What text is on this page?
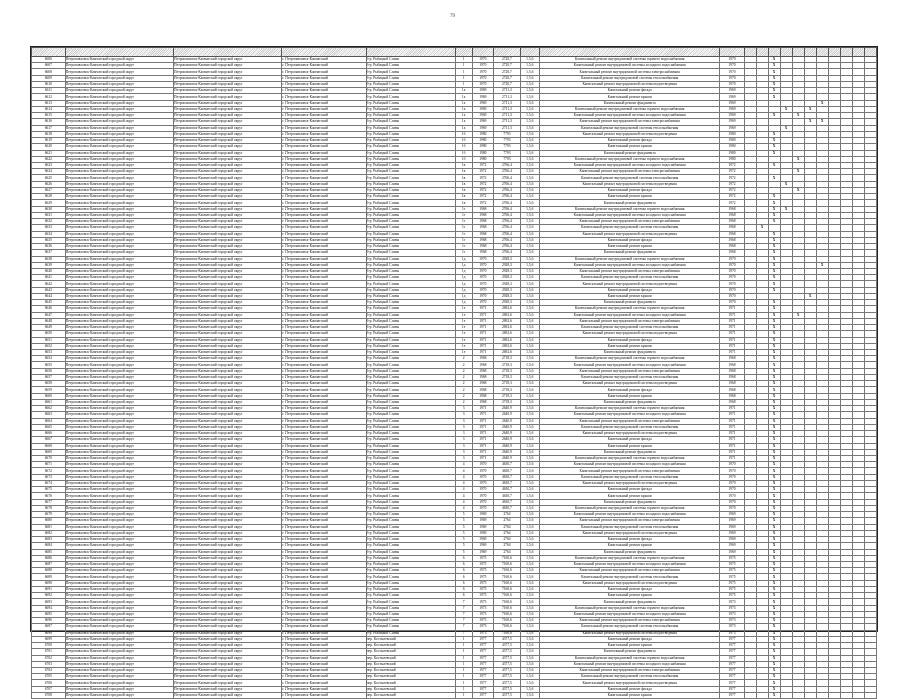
79

6606	Петропавловск-Камчатский городской округ	Петропавловск-Камчатский городской округ	г. Петропавловск-Камчатский	б-р. Рыбацкой Славы	1	1970	2720,7	1,5,6	Капитальный ремонт внутридомовой системы горячего водоснабжения	1970			X								
6607	Петропавловск-Камчатский городской округ	Петропавловск-Камчатский городской округ	г. Петропавловск-Камчатский	б-р. Рыбацкой Славы	1	1970	2720,7	1,5,6	Капитальный ремонт внутридомовой системы холодного водоснабжения	1970			X								
6608	Петропавловск-Камчатский городской округ	Петропавловск-Камчатский городской округ	г. Петропавловск-Камчатский	б-р. Рыбацкой Славы	1	1970	2720,7	1,5,6	Капитальный ремонт внутридомовой системы электроснабжения	1970			X								
6609	Петропавловск-Камчатский городской округ	Петропавловск-Камчатский городской округ	г. Петропавловск-Камчатский	б-р. Рыбацкой Славы	1	1970	2720,7	1,5,6	Капитальный ремонт внутридомовой системы теплоснабжения	1970			X								
6610	Петропавловск-Камчатский городской округ	Петропавловск-Камчатский городской округ	г. Петропавловск-Камчатский	б-р. Рыбацкой Славы	1	1970	2720,7	1,5,6	Капитальный ремонт внутридомовой системы водоотведения	1970			X								
6611	Петропавловск-Камчатский городской округ	Петропавловск-Камчатский городской округ	г. Петропавловск-Камчатский	б-р. Рыбацкой Славы	1а	1969	2711,3	1,5,6	Капитальный ремонт фасада	1969			X								
6612	Петропавловск-Камчатский городской округ	Петропавловск-Камчатский городской округ	г. Петропавловск-Камчатский	б-р. Рыбацкой Славы	1а	1969	2711,3	1,5,6	Капитальный ремонт крыши	1969			X								
6613	Петропавловск-Камчатский городской округ	Петропавловск-Камчатский городской округ	г. Петропавловск-Камчатский	б-р. Рыбацкой Славы	1а	1969	2711,3	1,5,6	Капитальный ремонт фундамента	1969							X				
6614	Петропавловск-Камчатский городской округ	Петропавловск-Камчатский городской округ	г. Петропавловск-Камчатский	б-р. Рыбацкой Славы	1а	1969	2711,3	1,5,6	Капитальный ремонт внутридомовой системы горячего водоснабжения	1969				X		X					
6615	Петропавловск-Камчатский городской округ	Петропавловск-Камчатский городской округ	г. Петропавловск-Камчатский	б-р. Рыбацкой Славы	1а	1969	2711,3	1,5,6	Капитальный ремонт внутридомовой системы холодного водоснабжения	1969			X		X						
6616	Петропавловск-Камчатский городской округ	Петропавловск-Камчатский городской округ	г. Петропавловск-Камчатский	б-р. Рыбацкой Славы	1а	1969	2711,3	1,5,6	Капитальный ремонт внутридомовой системы электроснабжения	1969						X	X				
6617	Петропавловск-Камчатский городской округ	Петропавловск-Камчатский городской округ	г. Петропавловск-Камчатский	б-р. Рыбацкой Славы	1а	1969	2711,3	1,5,6	Капитальный ремонт внутридомовой системы теплоснабжения	1969				X							
6618	Петропавловск-Камчатский городской округ	Петропавловск-Камчатский городской округ	г. Петропавловск-Камчатский	б-р. Рыбацкой Славы	1б	1980	7793	1,5,6	Капитальный ремонт внутридомовой системы водоотведения	1980			X								
6619	Петропавловск-Камчатский городской округ	Петропавловск-Камчатский городской округ	г. Петропавловск-Камчатский	б-р. Рыбацкой Славы	1б	1980	7793	1,5,6	Капитальный ремонт фасада	1980			X								
6620	Петропавловск-Камчатский городской округ	Петропавловск-Камчатский городской округ	г. Петропавловск-Камчатский	б-р. Рыбацкой Славы	1б	1980	7793	1,5,6	Капитальный ремонт крыши	1980			X								
6621	Петропавловск-Камчатский городской округ	Петропавловск-Камчатский городской округ	г. Петропавловск-Камчатский	б-р. Рыбацкой Славы	1б	1980	7793	1,5,6	Капитальный ремонт фундамента	1980			X								
6622	Петропавловск-Камчатский городской округ	Петропавловск-Камчатский городской округ	г. Петропавловск-Камчатский	б-р. Рыбацкой Славы	1б	1980	7793	1,5,6	Капитальный ремонт внутридомовой системы горячего водоснабжения	1980					X						
6623	Петропавловск-Камчатский городской округ	Петропавловск-Камчатский городской округ	г. Петропавловск-Камчатский	б-р. Рыбацкой Славы	1в	1972	2766,4	1,5,6	Капитальный ремонт внутридомовой системы холодного водоснабжения	1972			X								
6624	Петропавловск-Камчатский городской округ	Петропавловск-Камчатский городской округ	г. Петропавловск-Камчатский	б-р. Рыбацкой Славы	1в	1972	2766,4	1,5,6	Капитальный ремонт внутридомовой системы электроснабжения	1972					X						
6625	Петропавловск-Камчатский городской округ	Петропавловск-Камчатский городской округ	г. Петропавловск-Камчатский	б-р. Рыбацкой Славы	1в	1972	2766,4	1,5,6	Капитальный ремонт внутридомовой системы теплоснабжения	1972			X								
6626	Петропавловск-Камчатский городской округ	Петропавловск-Камчатский городской округ	г. Петропавловск-Камчатский	б-р. Рыбацкой Славы	1в	1972	2766,4	1,5,6	Капитальный ремонт внутридомовой системы водоотведения	1972				X							
6627	Петропавловск-Камчатский городской округ	Петропавловск-Камчатский городской округ	г. Петропавловск-Камчатский	б-р. Рыбацкой Славы	1в	1972	2766,4	1,5,6	Капитальный ремонт фасада	1972					X						
6628	Петропавловск-Камчатский городской округ	Петропавловск-Камчатский городской округ	г. Петропавловск-Камчатский	б-р. Рыбацкой Славы	1в	1972	2766,4	1,5,6	Капитальный ремонт крыши	1972			X								
6629	Петропавловск-Камчатский городской округ	Петропавловск-Камчатский городской округ	г. Петропавловск-Камчатский	б-р. Рыбацкой Славы	1в	1972	2766,4	1,5,6	Капитальный ремонт фундамента	1972			X								
6630	Петропавловск-Камчатский городской округ	Петропавловск-Камчатский городской округ	г. Петропавловск-Камчатский	б-р. Рыбацкой Славы	1г	1968	2766,4	1,5,6	Капитальный ремонт внутридомовой системы горячего водоснабжения	1968			X	X							
6631	Петропавловск-Камчатский городской округ	Петропавловск-Камчатский городской округ	г. Петропавловск-Камчатский	б-р. Рыбацкой Славы	1г	1968	2766,4	1,5,6	Капитальный ремонт внутридомовой системы холодного водоснабжения	1968			X								
6632	Петропавловск-Камчатский городской округ	Петропавловск-Камчатский городской округ	г. Петропавловск-Камчатский	б-р. Рыбацкой Славы	1г	1968	2766,4	1,5,6	Капитальный ремонт внутридомовой системы электроснабжения	1968			X								
6633	Петропавловск-Камчатский городской округ	Петропавловск-Камчатский городской округ	г. Петропавловск-Камчатский	б-р. Рыбацкой Славы	1г	1968	2766,4	1,5,6	Капитальный ремонт внутридомовой системы теплоснабжения	1968		X									
6634	Петропавловск-Камчатский городской округ	Петропавловск-Камчатский городской округ	г. Петропавловск-Камчатский	б-р. Рыбацкой Славы	1г	1968	2766,4	1,5,6	Капитальный ремонт внутридомовой системы водоотведения	1968			X								
6635	Петропавловск-Камчатский городской округ	Петропавловск-Камчатский городской округ	г. Петропавловск-Камчатский	б-р. Рыбацкой Славы	1г	1968	2766,4	1,5,6	Капитальный ремонт фасада	1968			X								
6636	Петропавловск-Камчатский городской округ	Петропавловск-Камчатский городской округ	г. Петропавловск-Камчатский	б-р. Рыбацкой Славы	1г	1968	2766,4	1,5,6	Капитальный ремонт крыши	1968			X								
6637	Петропавловск-Камчатский городской округ	Петропавловск-Камчатский городской округ	г. Петропавловск-Камчатский	б-р. Рыбацкой Славы	1г	1968	2766,4	1,5,6	Капитальный ремонт фундамента	1968			X								
6638	Петропавловск-Камчатский городской округ	Петропавловск-Камчатский городской округ	г. Петропавловск-Камчатский	б-р. Рыбацкой Славы	1д	1970	2928,3	1,5,6	Капитальный ремонт внутридомовой системы горячего водоснабжения	1970			X								
6639	Петропавловск-Камчатский городской округ	Петропавловск-Камчатский городской округ	г. Петропавловск-Камчатский	б-р. Рыбацкой Славы	1д	1970	2928,3	1,5,6	Капитальный ремонт внутридомовой системы холодного водоснабжения	1970			X				X				
6640	Петропавловск-Камчатский городской округ	Петропавловск-Камчатский городской округ	г. Петропавловск-Камчатский	б-р. Рыбацкой Славы	1д	1970	2928,3	1,5,6	Капитальный ремонт внутридомовой системы электроснабжения	1970			X								
6641	Петропавловск-Камчатский городской округ	Петропавловск-Камчатский городской округ	г. Петропавловск-Камчатский	б-р. Рыбацкой Славы	1д	1970	2928,3	1,5,6	Капитальный ремонт внутридомовой системы теплоснабжения	1970			X								
6642	Петропавловск-Камчатский городской округ	Петропавловск-Камчатский городской округ	г. Петропавловск-Камчатский	б-р. Рыбацкой Славы	1д	1970	2928,3	1,5,6	Капитальный ремонт внутридомовой системы водоотведения	1970			X								
6643	Петропавловск-Камчатский городской округ	Петропавловск-Камчатский городской округ	г. Петропавловск-Камчатский	б-р. Рыбацкой Славы	1д	1970	2928,3	1,5,6	Капитальный ремонт фасада	1970			X								
6644	Петропавловск-Камчатский городской округ	Петропавловск-Камчатский городской округ	г. Петропавловск-Камчатский	б-р. Рыбацкой Славы	1д	1970	2928,3	1,5,6	Капитальный ремонт крыши	1970						X					
6645	Петропавловск-Камчатский городской округ	Петропавловск-Камчатский городской округ	г. Петропавловск-Камчатский	б-р. Рыбацкой Славы	1д	1970	2928,3	1,5,6	Капитальный ремонт фундамента	1970			X								
6646	Петропавловск-Камчатский городской округ	Петропавловск-Камчатский городской округ	г. Петропавловск-Камчатский	б-р. Рыбацкой Славы	1е	1971	2692,6	1,5,6	Капитальный ремонт внутридомовой системы горячего водоснабжения	1971			X								
6647	Петропавловск-Камчатский городской округ	Петропавловск-Камчатский городской округ	г. Петропавловск-Камчатский	б-р. Рыбацкой Славы	1е	1971	2692,6	1,5,6	Капитальный ремонт внутридомовой системы холодного водоснабжения	1971			X		X						
6648	Петропавловск-Камчатский городской округ	Петропавловск-Камчатский городской округ	г. Петропавловск-Камчатский	б-р. Рыбацкой Славы	1е	1971	2692,6	1,5,6	Капитальный ремонт внутридомовой системы электроснабжения	1971			X								
6649	Петропавловск-Камчатский городской округ	Петропавловск-Камчатский городской округ	г. Петропавловск-Камчатский	б-р. Рыбацкой Славы	1е	1971	2692,6	1,5,6	Капитальный ремонт внутридомовой системы теплоснабжения	1971			X								
6650	Петропавловск-Камчатский городской округ	Петропавловск-Камчатский городской округ	г. Петропавловск-Камчатский	б-р. Рыбацкой Славы	1е	1971	2692,6	1,5,6	Капитальный ремонт внутридомовой системы водоотведения	1971			X								
6651	Петропавловск-Камчатский городской округ	Петропавловск-Камчатский городской округ	г. Петропавловск-Камчатский	б-р. Рыбацкой Славы	1е	1971	2692,6	1,5,6	Капитальный ремонт фасада	1971			X								
6652	Петропавловск-Камчатский городской округ	Петропавловск-Камчатский городской округ	г. Петропавловск-Камчатский	б-р. Рыбацкой Славы	1е	1971	2692,6	1,5,6	Капитальный ремонт крыши	1971			X								
6653	Петропавловск-Камчатский городской округ	Петропавловск-Камчатский городской округ	г. Петропавловск-Камчатский	б-р. Рыбацкой Славы	1е	1971	2692,6	1,5,6	Капитальный ремонт фундамента	1971			X								
6654	Петропавловск-Камчатский городской округ	Петропавловск-Камчатский городской округ	г. Петропавловск-Камчатский	б-р. Рыбацкой Славы	2	1968	2718,3	1,5,6	Капитальный ремонт внутридомовой системы горячего водоснабжения	1968			X								
6655	Петропавловск-Камчатский городской округ	Петропавловск-Камчатский городской округ	г. Петропавловск-Камчатский	б-р. Рыбацкой Славы	2	1968	2718,3	1,5,6	Капитальный ремонт внутридомовой системы холодного водоснабжения	1968			X								
6656	Петропавловск-Камчатский городской округ	Петропавловск-Камчатский городской округ	г. Петропавловск-Камчатский	б-р. Рыбацкой Славы	2	1968	2718,3	1,5,6	Капитальный ремонт внутридомовой системы электроснабжения	1968			X								
6657	Петропавловск-Камчатский городской округ	Петропавловск-Камчатский городской округ	г. Петропавловск-Камчатский	б-р. Рыбацкой Славы	2	1968	2718,3	1,5,6	Капитальный ремонт внутридомовой системы теплоснабжения	1968			X								
6658	Петропавловск-Камчатский городской округ	Петропавловск-Камчатский городской округ	г. Петропавловск-Камчатский	б-р. Рыбацкой Славы	2	1968	2718,3	1,5,6	Капитальный ремонт внутридомовой системы водоотведения	1968			X								
6659	Петропавловск-Камчатский городской округ	Петропавловск-Камчатский городской округ	г. Петропавловск-Камчатский	б-р. Рыбацкой Славы	2	1968	2718,3	1,5,6	Капитальный ремонт фасада	1968			X								
6660	Петропавловск-Камчатский городской округ	Петропавловск-Камчатский городской округ	г. Петропавловск-Камчатский	б-р. Рыбацкой Славы	2	1968	2718,3	1,5,6	Капитальный ремонт крыши	1968			X								
6661	Петропавловск-Камчатский городской округ	Петропавловск-Камчатский городской округ	г. Петропавловск-Камчатский	б-р. Рыбацкой Славы	2	1968	2718,3	1,5,6	Капитальный ремонт фундамента	1968			X								
6662	Петропавловск-Камчатский городской округ	Петропавловск-Камчатский городской округ	г. Петропавловск-Камчатский	б-р. Рыбацкой Славы	3	1971	2640,9	1,5,6	Капитальный ремонт внутридомовой системы горячего водоснабжения	1971			X								
6663	Петропавловск-Камчатский городской округ	Петропавловск-Камчатский городской округ	г. Петропавловск-Камчатский	б-р. Рыбацкой Славы	3	1971	2640,9	1,5,6	Капитальный ремонт внутридомовой системы холодного водоснабжения	1971			X								
6664	Петропавловск-Камчатский городской округ	Петропавловск-Камчатский городской округ	г. Петропавловск-Камчатский	б-р. Рыбацкой Славы	3	1971	2640,9	1,5,6	Капитальный ремонт внутридомовой системы электроснабжения	1971			X								
6665	Петропавловск-Камчатский городской округ	Петропавловск-Камчатский городской округ	г. Петропавловск-Камчатский	б-р. Рыбацкой Славы	3	1971	2640,9	1,5,6	Капитальный ремонт внутридомовой системы теплоснабжения	1971			X								
6666	Петропавловск-Камчатский городской округ	Петропавловск-Камчатский городской округ	г. Петропавловск-Камчатский	б-р. Рыбацкой Славы	3	1971	2640,9	1,5,6	Капитальный ремонт внутридомовой системы водоотведения	1971			X								
6667	Петропавловск-Камчатский городской округ	Петропавловск-Камчатский городской округ	г. Петропавловск-Камчатский	б-р. Рыбацкой Славы	3	1971	2640,9	1,5,6	Капитальный ремонт фасада	1971			X								
6668	Петропавловск-Камчатский городской округ	Петропавловск-Камчатский городской округ	г. Петропавловск-Камчатский	б-р. Рыбацкой Славы	3	1971	2640,9	1,5,6	Капитальный ремонт крыши	1971			X								
6669	Петропавловск-Камчатский городской округ	Петропавловск-Камчатский городской округ	г. Петропавловск-Камчатский	б-р. Рыбацкой Славы	3	1971	2640,9	1,5,6	Капитальный ремонт фундамента	1971			X								
6670	Петропавловск-Камчатский городской округ	Петропавловск-Камчатский городской округ	г. Петропавловск-Камчатский	б-р. Рыбацкой Славы	3	1971	2640,9	1,5,6	Капитальный ремонт внутридомовой системы горячего водоснабжения	1971			X								
6671	Петропавловск-Камчатский городской округ	Петропавловск-Камчатский городской округ	г. Петропавловск-Камчатский	б-р. Рыбацкой Славы	4	1970	4630,7	1,5,6	Капитальный ремонт внутридомовой системы холодного водоснабжения	1970			X								
6672	Петропавловск-Камчатский городской округ	Петропавловск-Камчатский городской округ	г. Петропавловск-Камчатский	б-р. Рыбацкой Славы	4	1970	4630,7	1,5,6	Капитальный ремонт внутридомовой системы электроснабжения	1970			X								
6673	Петропавловск-Камчатский городской округ	Петропавловск-Камчатский городской округ	г. Петропавловск-Камчатский	б-р. Рыбацкой Славы	4	1970	4630,7	1,5,6	Капитальный ремонт внутридомовой системы теплоснабжения	1970			X								
6674	Петропавловск-Камчатский городской округ	Петропавловск-Камчатский городской округ	г. Петропавловск-Камчатский	б-р. Рыбацкой Славы	4	1970	4630,7	1,5,6	Капитальный ремонт внутридомовой системы водоотведения	1970			X								
6675	Петропавловск-Камчатский городской округ	Петропавловск-Камчатский городской округ	г. Петропавловск-Камчатский	б-р. Рыбацкой Славы	4	1970	4630,7	1,5,6	Капитальный ремонт фасада	1970			X								
6676	Петропавловск-Камчатский городской округ	Петропавловск-Камчатский городской округ	г. Петропавловск-Камчатский	б-р. Рыбацкой Славы	4	1970	4630,7	1,5,6	Капитальный ремонт крыши	1970			X								
6677	Петропавловск-Камчатский городской округ	Петропавловск-Камчатский городской округ	г. Петропавловск-Камчатский	б-р. Рыбацкой Славы	4	1970	4630,7	1,5,6	Капитальный ремонт фундамента	1970			X								
6678	Петропавловск-Камчатский городской округ	Петропавловск-Камчатский городской округ	г. Петропавловск-Камчатский	б-р. Рыбацкой Славы	4	1970	4630,7	1,5,6	Капитальный ремонт внутридомовой системы горячего водоснабжения	1970			X								
6679	Петропавловск-Камчатский городской округ	Петропавловск-Камчатский городской округ	г. Петропавловск-Камчатский	б-р. Рыбацкой Славы	5	1969	2764	1,5,6	Капитальный ремонт внутридомовой системы холодного водоснабжения	1969			X								
6680	Петропавловск-Камчатский городской округ	Петропавловск-Камчатский городской округ	г. Петропавловск-Камчатский	б-р. Рыбацкой Славы	5	1969	2764	1,5,6	Капитальный ремонт внутридомовой системы электроснабжения	1969			X								
6681	Петропавловск-Камчатский городской округ	Петропавловск-Камчатский городской округ	г. Петропавловск-Камчатский	б-р. Рыбацкой Славы	5	1969	2764	1,5,6	Капитальный ремонт внутридомовой системы теплоснабжения	1969			X								
6682	Петропавловск-Камчатский городской округ	Петропавловск-Камчатский городской округ	г. Петропавловск-Камчатский	б-р. Рыбацкой Славы	5	1969	2764	1,5,6	Капитальный ремонт внутридомовой системы водоотведения	1969			X								
6683	Петропавловск-Камчатский городской округ	Петропавловск-Камчатский городской округ	г. Петропавловск-Камчатский	б-р. Рыбацкой Славы	5	1969	2764	1,5,6	Капитальный ремонт фасада	1969			X								
6684	Петропавловск-Камчатский городской округ	Петропавловск-Камчатский городской округ	г. Петропавловск-Камчатский	б-р. Рыбацкой Славы	5	1969	2764	1,5,6	Капитальный ремонт крыши	1969			X								
6685	Петропавловск-Камчатский городской округ	Петропавловск-Камчатский городской округ	г. Петропавловск-Камчатский	б-р. Рыбацкой Славы	5	1969	2764	1,5,6	Капитальный ремонт фундамента	1969			X								
6686	Петропавловск-Камчатский городской округ	Петропавловск-Камчатский городской округ	г. Петропавловск-Камчатский	б-р. Рыбацкой Славы	6	1975	7160,6	1,5,6	Капитальный ремонт внутридомовой системы горячего водоснабжения	1975			X								
6687	Петропавловск-Камчатский городской округ	Петропавловск-Камчатский городской округ	г. Петропавловск-Камчатский	б-р. Рыбацкой Славы	6	1975	7160,6	1,5,6	Капитальный ремонт внутридомовой системы холодного водоснабжения	1975			X								
6688	Петропавловск-Камчатский городской округ	Петропавловск-Камчатский городской округ	г. Петропавловск-Камчатский	б-р. Рыбацкой Славы	6	1975	7160,6	1,5,6	Капитальный ремонт внутридомовой системы электроснабжения	1975			X								
6689	Петропавловск-Камчатский городской округ	Петропавловск-Камчатский городской округ	г. Петропавловск-Камчатский	б-р. Рыбацкой Славы	6	1975	7160,6	1,5,6	Капитальный ремонт внутридомовой системы теплоснабжения	1975			X								
6690	Петропавловск-Камчатский городской округ	Петропавловск-Камчатский городской округ	г. Петропавловск-Камчатский	б-р. Рыбацкой Славы	6	1975	7160,6	1,5,6	Капитальный ремонт внутридомовой системы водоотведения	1975			X								
6691	Петропавловск-Камчатский городской округ	Петропавловск-Камчатский городской округ	г. Петропавловск-Камчатский	б-р. Рыбацкой Славы	6	1975	7160,6	1,5,6	Капитальный ремонт фасада	1975			X								
6692	Петропавловск-Камчатский городской округ	Петропавловск-Камчатский городской округ	г. Петропавловск-Камчатский	б-р. Рыбацкой Славы	6	1975	7160,6	1,5,6	Капитальный ремонт крыши	1975			X								
6693	Петропавловск-Камчатский городской округ	Петропавловск-Камчатский городской округ	г. Петропавловск-Камчатский	б-р. Рыбацкой Славы	7	1973	7160,6	1,5,6	Капитальный ремонт фундамента	1973			X								
6694	Петропавловск-Камчатский городской округ	Петропавловск-Камчатский городской округ	г. Петропавловск-Камчатский	б-р. Рыбацкой Славы	7	1973	7160,6	1,5,6	Капитальный ремонт внутридомовой системы горячего водоснабжения	1973			X								
6695	Петропавловск-Камчатский городской округ	Петропавловск-Камчатский городской округ	г. Петропавловск-Камчатский	б-р. Рыбацкой Славы	7	1973	7160,6	1,5,6	Капитальный ремонт внутридомовой системы холодного водоснабжения	1973			X								
6696	Петропавловск-Камчатский городской округ	Петропавловск-Камчатский городской округ	г. Петропавловск-Камчатский	б-р. Рыбацкой Славы	7	1973	7160,6	1,5,6	Капитальный ремонт внутридомовой системы электроснабжения	1973			X								
6697	Петропавловск-Камчатский городской округ	Петропавловск-Камчатский городской округ	г. Петропавловск-Камчатский	б-р. Рыбацкой Славы	7	1973	7160,6	1,5,6	Капитальный ремонт внутридомовой системы теплоснабжения	1973			X								
6698	Петропавловск-Камчатский городской округ	Петропавловск-Камчатский городской округ	г. Петропавловск-Камчатский	б-р. Рыбацкой Славы	7	1973	7160,6	1,5,6	Капитальный ремонт внутридомовой системы водоотведения	1973			X								
6699	Петропавловск-Камчатский городской округ	Петропавловск-Камчатский городской округ	г. Петропавловск-Камчатский	пер. Костылевский	1	1977	4377,5	1,5,6	Капитальный ремонт фасада	1977			X								
6700	Петропавловск-Камчатский городской округ	Петропавловск-Камчатский городской округ	г. Петропавловск-Камчатский	пер. Костылевский	1	1977	4377,5	1,5,6	Капитальный ремонт крыши	1977			X								
6701	Петропавловск-Камчатский городской округ	Петропавловск-Камчатский городской округ	г. Петропавловск-Камчатский	пер. Костылевский	1	1977	4377,5	1,5,6	Капитальный ремонт фундамента	1977			X								
6702	Петропавловск-Камчатский городской округ	Петропавловск-Камчатский городской округ	г. Петропавловск-Камчатский	пер. Костылевский	1	1977	4377,5	1,5,6	Капитальный ремонт внутридомовой системы горячего водоснабжения	1977			X								
6703	Петропавловск-Камчатский городской округ	Петропавловск-Камчатский городской округ	г. Петропавловск-Камчатский	пер. Костылевский	1	1977	4377,5	1,5,6	Капитальный ремонт внутридомовой системы холодного водоснабжения	1977			X								
6704	Петропавловск-Камчатский городской округ	Петропавловск-Камчатский городской округ	г. Петропавловск-Камчатский	пер. Костылевский	1	1977	4377,5	1,5,6	Капитальный ремонт внутридомовой системы электроснабжения	1977			X								
6705	Петропавловск-Камчатский городской округ	Петропавловск-Камчатский городской округ	г. Петропавловск-Камчатский	пер. Костылевский	1	1977	4377,5	1,5,6	Капитальный ремонт внутридомовой системы теплоснабжения	1977			X								
6706	Петропавловск-Камчатский городской округ	Петропавловск-Камчатский городской округ	г. Петропавловск-Камчатский	пер. Костылевский	1	1977	4377,5	1,5,6	Капитальный ремонт внутридомовой системы водоотведения	1977			X								
6707	Петропавловск-Камчатский городской округ	Петропавловск-Камчатский городской округ	г. Петропавловск-Камчатский	пер. Костылевский	1	1977	4377,5	1,5,6	Капитальный ремонт фасада	1977			X								
6708	Петропавловск-Камчатский городской округ	Петропавловск-Камчатский городской округ	г. Петропавловск-Камчатский	пер. Костылевский	1	1977	4377,5	1,5,6	Капитальный ремонт крыши	1977			X								
